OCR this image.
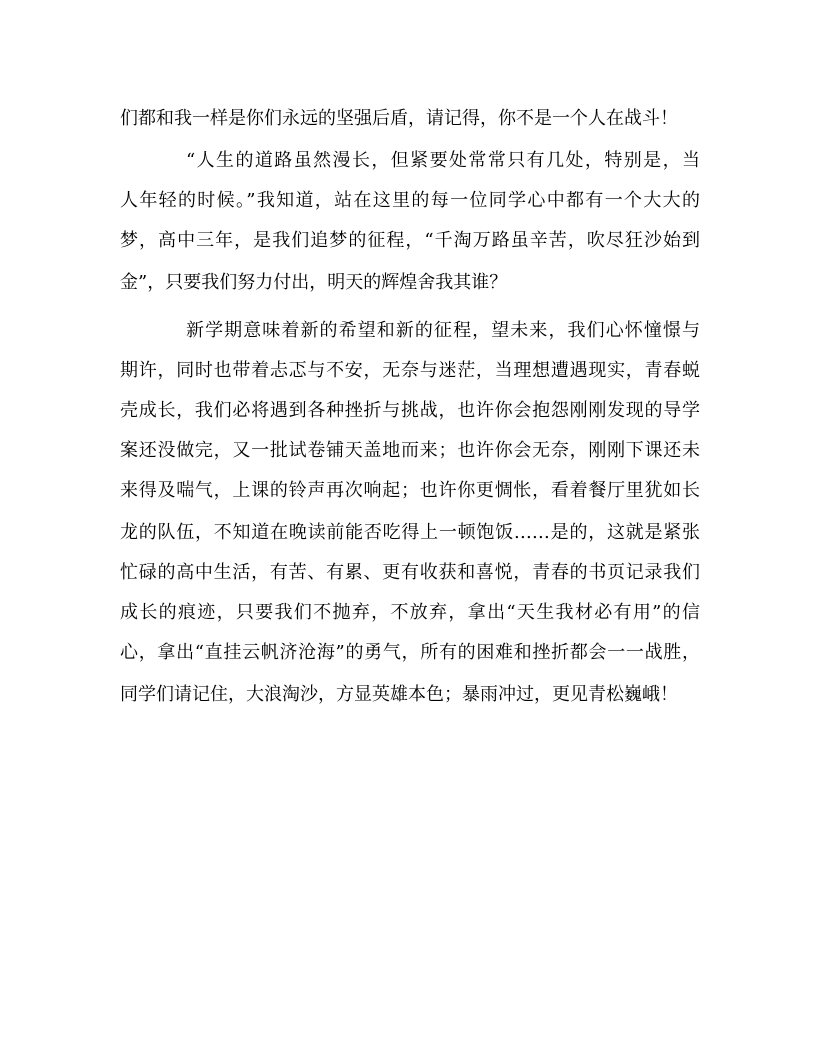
们都和我一样是你们永远的坚强后盾，请记得，你不是一个人在战斗！
“人生的道路虽然漫长，但紧要处常常只有几处，特别是，当
人年轻的时候。”我知道，站在这里的每一位同学心中都有一个大大的
梦，高中三年，是我们追梦的征程，“千淘万路虽辛苦，吹尽狂沙始到
金”，只要我们努力付出，明天的辉煌舍我其谁？
新学期意味着新的希望和新的征程，望未来，我们心怀憧憬与
期许，同时也带着忐忑与不安，无奈与迷茫，当理想遭遇现实，青春蜕
壳成长，我们必将遇到各种挫折与挑战，也许你会抱怨刚刚发现的导学
案还没做完，又一批试卷铺天盖地而来；也许你会无奈，刚刚下课还未
来得及喘气，上课的铃声再次响起；也许你更惆怅，看着餐厅里犹如长
龙的队伍，不知道在晚读前能否吃得上一顿饱饭……是的，这就是紧张
忙碌的高中生活，有苦、有累、更有收获和喜悦，青春的书页记录我们
成长的痕迹，只要我们不抛弃，不放弃，拿出“天生我材必有用”的信
心，拿出“直挂云帆济沧海”的勇气，所有的困难和挫折都会一一战胜，
同学们请记住，大浪淘沙，方显英雄本色；暴雨冲过，更见青松巍峨！
